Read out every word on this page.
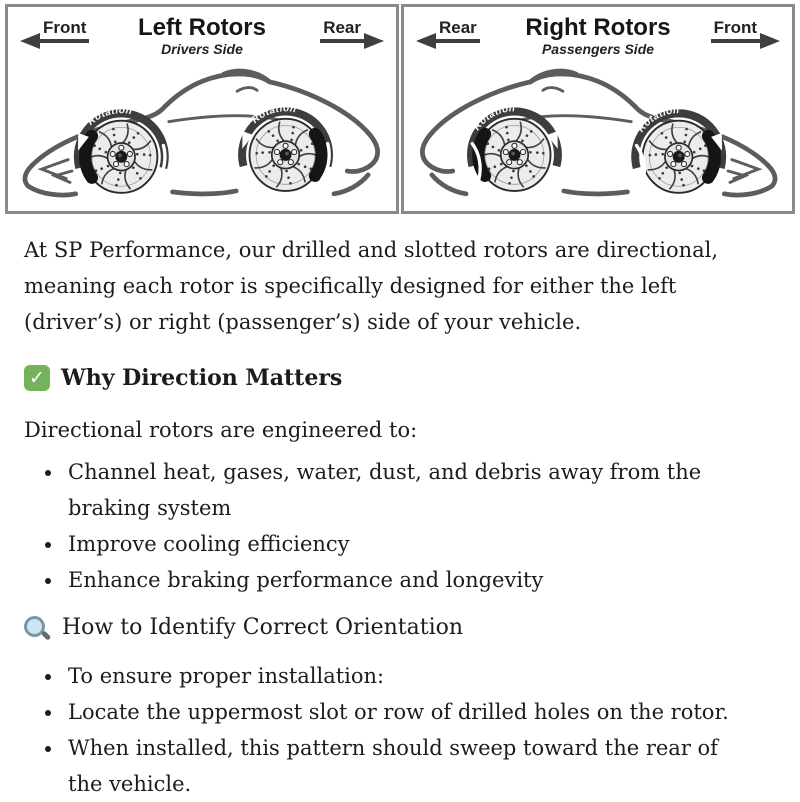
Front Left Rotors
Drivers Side
Rear	Rear Right Rotors
Passengers Side
Front

At SP Performance, our drilled and slotted rotors are directional, meaning each rotor is specifically designed for either the left (driver’s) or right (passenger’s) side of your vehicle.

✓ Why Direction Matters

Directional rotors are engineered to:

• Channel heat, gases, water, dust, and debris away from the braking system
• Improve cooling efficiency
• Enhance braking performance and longevity
How to Identify Correct Orientation
• To ensure proper installation:
• Locate the uppermost slot or row of drilled holes on the rotor.
• When installed, this pattern should sweep toward the rear of the vehicle.
